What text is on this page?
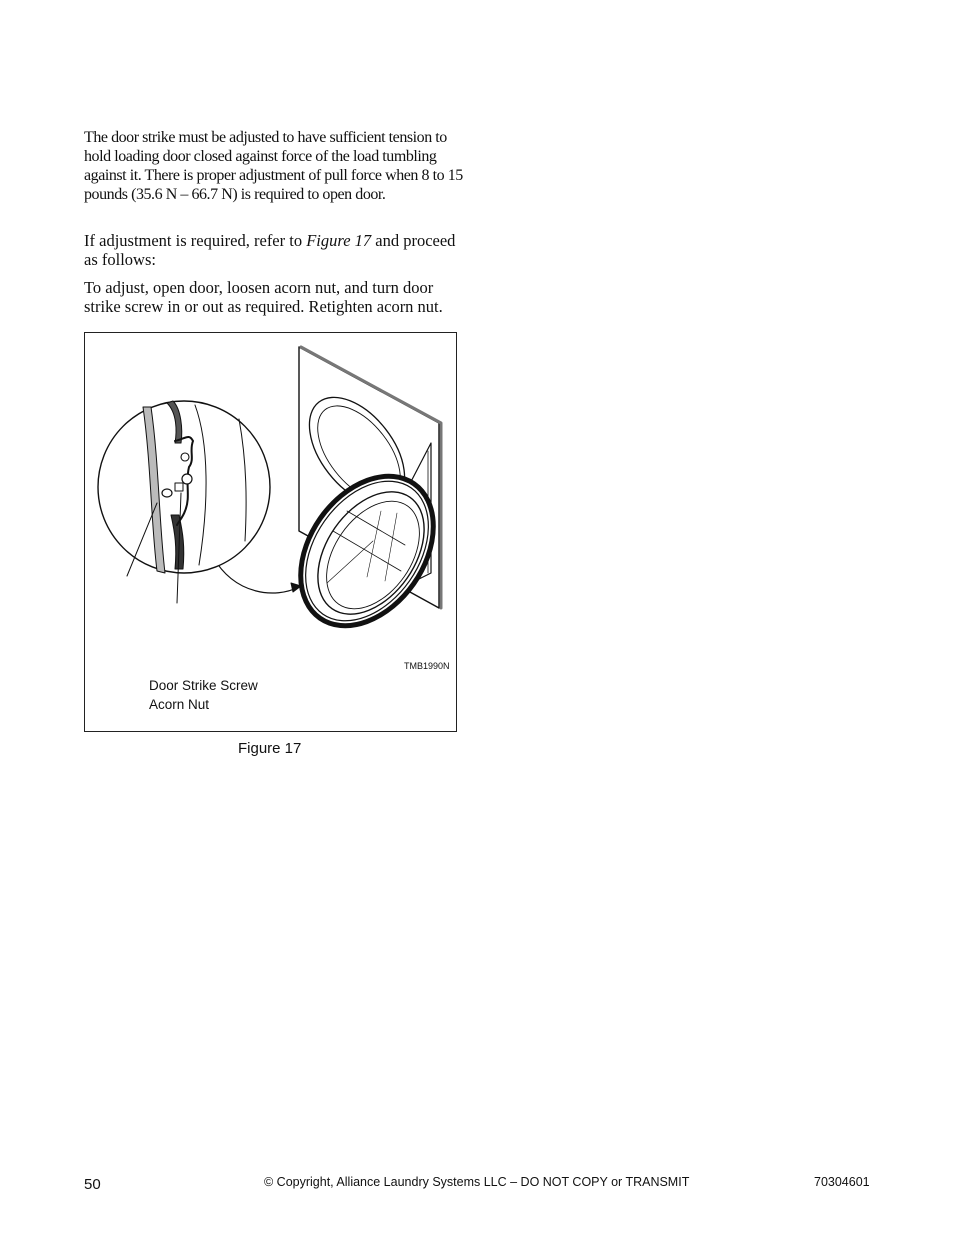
The door strike must be adjusted to have sufficient tension to hold loading door closed against force of the load tumbling against it. There is proper adjustment of pull force when 8 to 15 pounds (35.6 N – 66.7 N) is required to open door.

If adjustment is required, refer to Figure 17 and proceed as follows:

To adjust, open door, loosen acorn nut, and turn door strike screw in or out as required. Retighten acorn nut.

TMB1990N
Door Strike Screw
Acorn Nut
Figure 17
50	© Copyright, Alliance Laundry Systems LLC – DO NOT COPY or TRANSMIT	70304601
